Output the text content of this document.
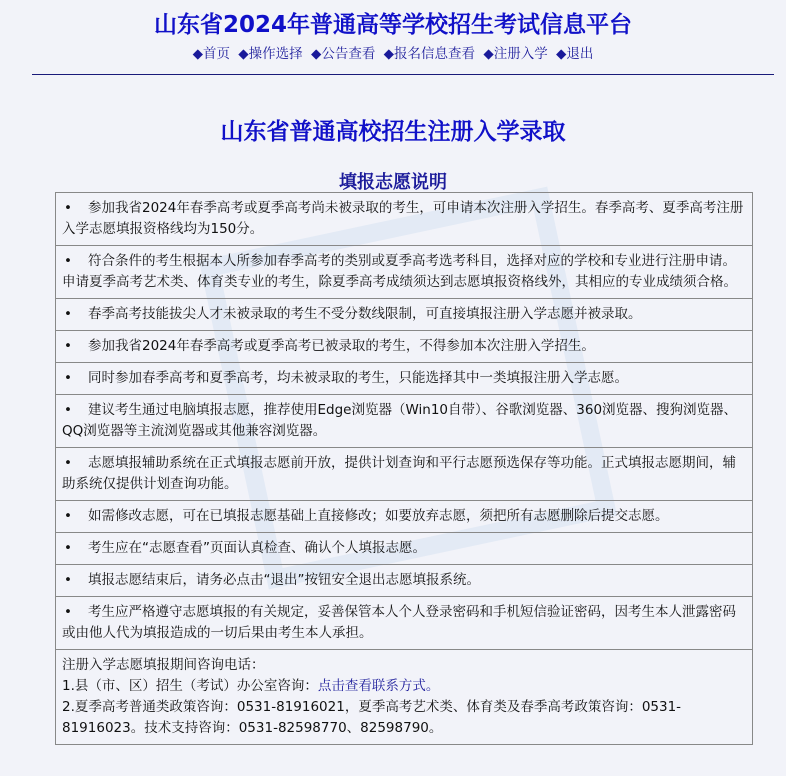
山东省2024年普通高等学校招生考试信息平台
◆首页 ◆操作选择 ◆公告查看 ◆报名信息查看 ◆注册入学 ◆退出
山东省普通高校招生注册入学录取
填报志愿说明
• 参加我省2024年春季高考或夏季高考尚未被录取的考生，可申请本次注册入学招生。春季高考、夏季高考注册入学志愿填报资格线均为150分。
• 符合条件的考生根据本人所参加春季高考的类别或夏季高考选考科目，选择对应的学校和专业进行注册申请。申请夏季高考艺术类、体育类专业的考生，除夏季高考成绩须达到志愿填报资格线外，其相应的专业成绩须合格。
• 春季高考技能拔尖人才未被录取的考生不受分数线限制，可直接填报注册入学志愿并被录取。
• 参加我省2024年春季高考或夏季高考已被录取的考生，不得参加本次注册入学招生。
• 同时参加春季高考和夏季高考，均未被录取的考生，只能选择其中一类填报注册入学志愿。
• 建议考生通过电脑填报志愿，推荐使用Edge浏览器（Win10自带）、谷歌浏览器、360浏览器、搜狗浏览器、QQ浏览器等主流浏览器或其他兼容浏览器。
• 志愿填报辅助系统在正式填报志愿前开放，提供计划查询和平行志愿预选保存等功能。正式填报志愿期间，辅助系统仅提供计划查询功能。
• 如需修改志愿，可在已填报志愿基础上直接修改；如要放弃志愿，须把所有志愿删除后提交志愿。
• 考生应在“志愿查看”页面认真检查、确认个人填报志愿。
• 填报志愿结束后，请务必点击“退出”按钮安全退出志愿填报系统。
• 考生应严格遵守志愿填报的有关规定，妥善保管本人个人登录密码和手机短信验证密码，因考生本人泄露密码或由他人代为填报造成的一切后果由考生本人承担。

注册入学志愿填报期间咨询电话：
1.县（市、区）招生（考试）办公室咨询：点击查看联系方式。
2.夏季高考普通类政策咨询：0531-81916021，夏季高考艺术类、体育类及春季高考政策咨询：0531-81916023。技术支持咨询：0531-82598770、82598790。
